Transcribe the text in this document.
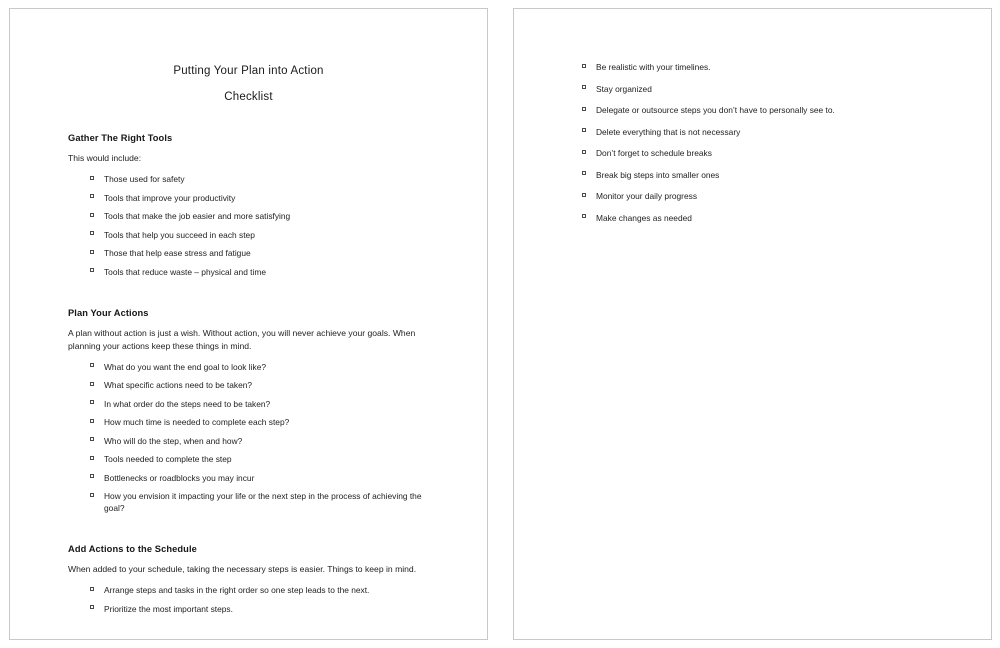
Putting Your Plan into Action
Checklist
Gather The Right Tools
This would include:
Those used for safety
Tools that improve your productivity
Tools that make the job easier and more satisfying
Tools that help you succeed in each step
Those that help ease stress and fatigue
Tools that reduce waste – physical and time
Plan Your Actions
A plan without action is just a wish. Without action, you will never achieve your goals. When planning your actions keep these things in mind.
What do you want the end goal to look like?
What specific actions need to be taken?
In what order do the steps need to be taken?
How much time is needed to complete each step?
Who will do the step, when and how?
Tools needed to complete the step
Bottlenecks or roadblocks you may incur
How you envision it impacting your life or the next step in the process of achieving the goal?
Add Actions to the Schedule
When added to your schedule, taking the necessary steps is easier. Things to keep in mind.
Arrange steps and tasks in the right order so one step leads to the next.
Prioritize the most important steps.
Be realistic with your timelines.
Stay organized
Delegate or outsource steps you don’t have to personally see to.
Delete everything that is not necessary
Don’t forget to schedule breaks
Break big steps into smaller ones
Monitor your daily progress
Make changes as needed
